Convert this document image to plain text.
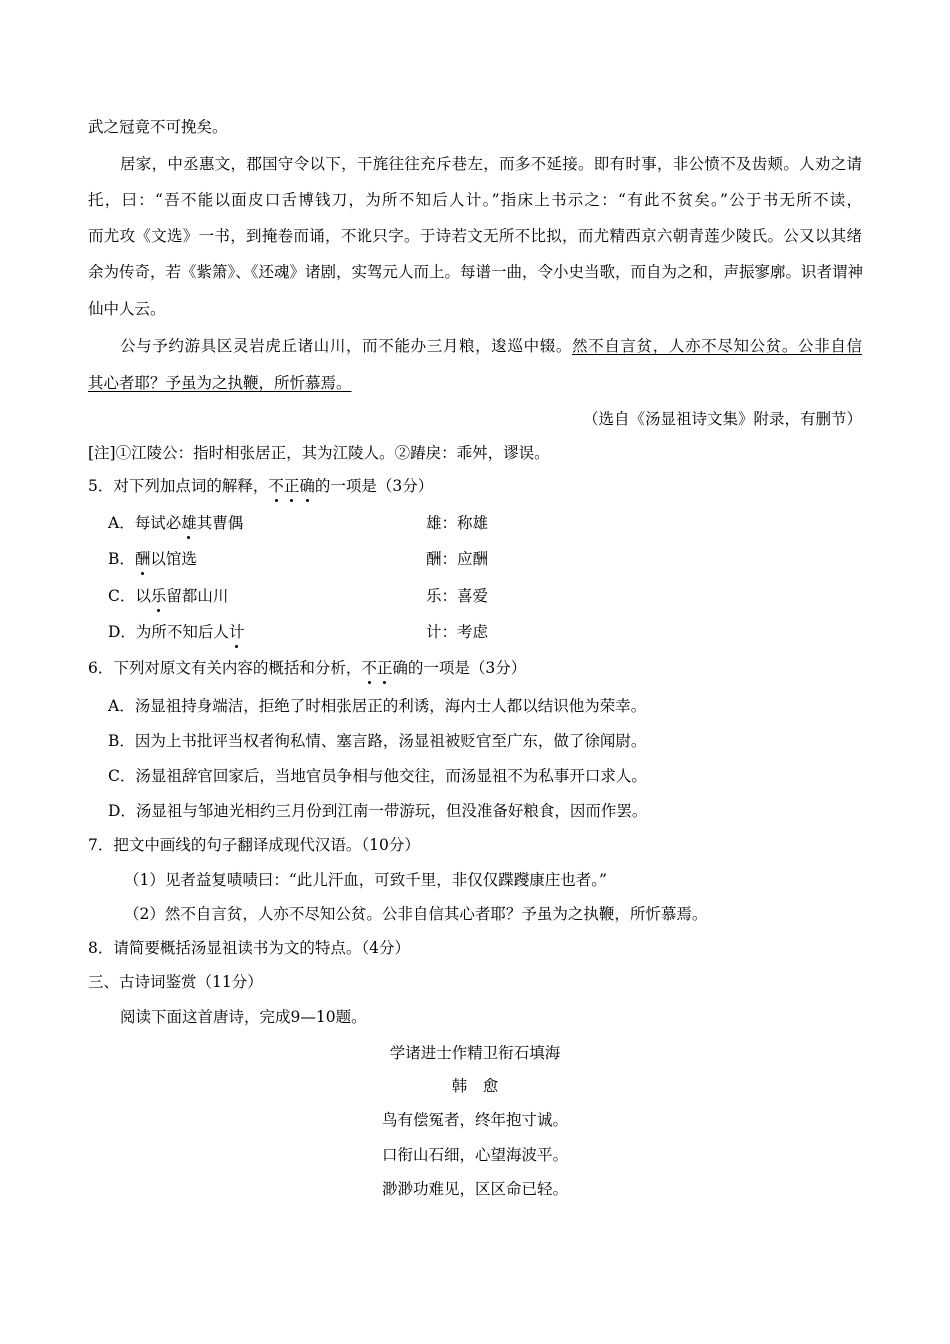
武之冠竟不可挽矣。
居家，中丞惠文，郡国守令以下，干旄往往充斥巷左，而多不延接。即有时事，非公愤不及齿颊。人劝之请
托，曰：“吾不能以面皮口舌博钱刀，为所不知后人计。”指床上书示之：“有此不贫矣。”公于书无所不读，
而尤攻《文选》一书，到掩卷而诵，不讹只字。于诗若文无所不比拟，而尤精西京六朝青莲少陵氏。公又以其绪
余为传奇，若《紫箫》、《还魂》诸剧，实驾元人而上。每谱一曲，令小史当歌，而自为之和，声振寥廓。识者谓神
仙中人云。
公与予约游具区灵岩虎丘诸山川，而不能办三月粮，逡巡中辍。然不自言贫，人亦不尽知公贫。公非自信
其心者耶？予虽为之执鞭，所忻慕焉。
（选自《汤显祖诗文集》附录，有删节）
[注]①江陵公：指时相张居正，其为江陵人。②踳戾：乖舛，谬误。
5．对下列加点词的解释，不正确的一项是（3分）
A．每试必雄其曹偶	雄：称雄
B．酬以馆选	酬：应酬
C．以乐留都山川	乐：喜爱
D．为所不知后人计	计：考虑
6．下列对原文有关内容的概括和分析，不正确的一项是（3分）
A．汤显祖持身端洁，拒绝了时相张居正的利诱，海内士人都以结识他为荣幸。
B．因为上书批评当权者徇私情、塞言路，汤显祖被贬官至广东，做了徐闻尉。
C．汤显祖辞官回家后，当地官员争相与他交往，而汤显祖不为私事开口求人。
D．汤显祖与邹迪光相约三月份到江南一带游玩，但没准备好粮食，因而作罢。
7．把文中画线的句子翻译成现代汉语。（10分）
（1）见者益复啧啧曰：“此儿汗血，可致千里，非仅仅蹀躞康庄也者。”
（2）然不自言贫，人亦不尽知公贫。公非自信其心者耶？予虽为之执鞭，所忻慕焉。
8．请简要概括汤显祖读书为文的特点。（4分）
三、古诗词鉴赏（11分）
阅读下面这首唐诗，完成9—10题。
学诸进士作精卫衔石填海
韩　愈
鸟有偿冤者，终年抱寸诚。
口衔山石细，心望海波平。
渺渺功难见，区区命已轻。
